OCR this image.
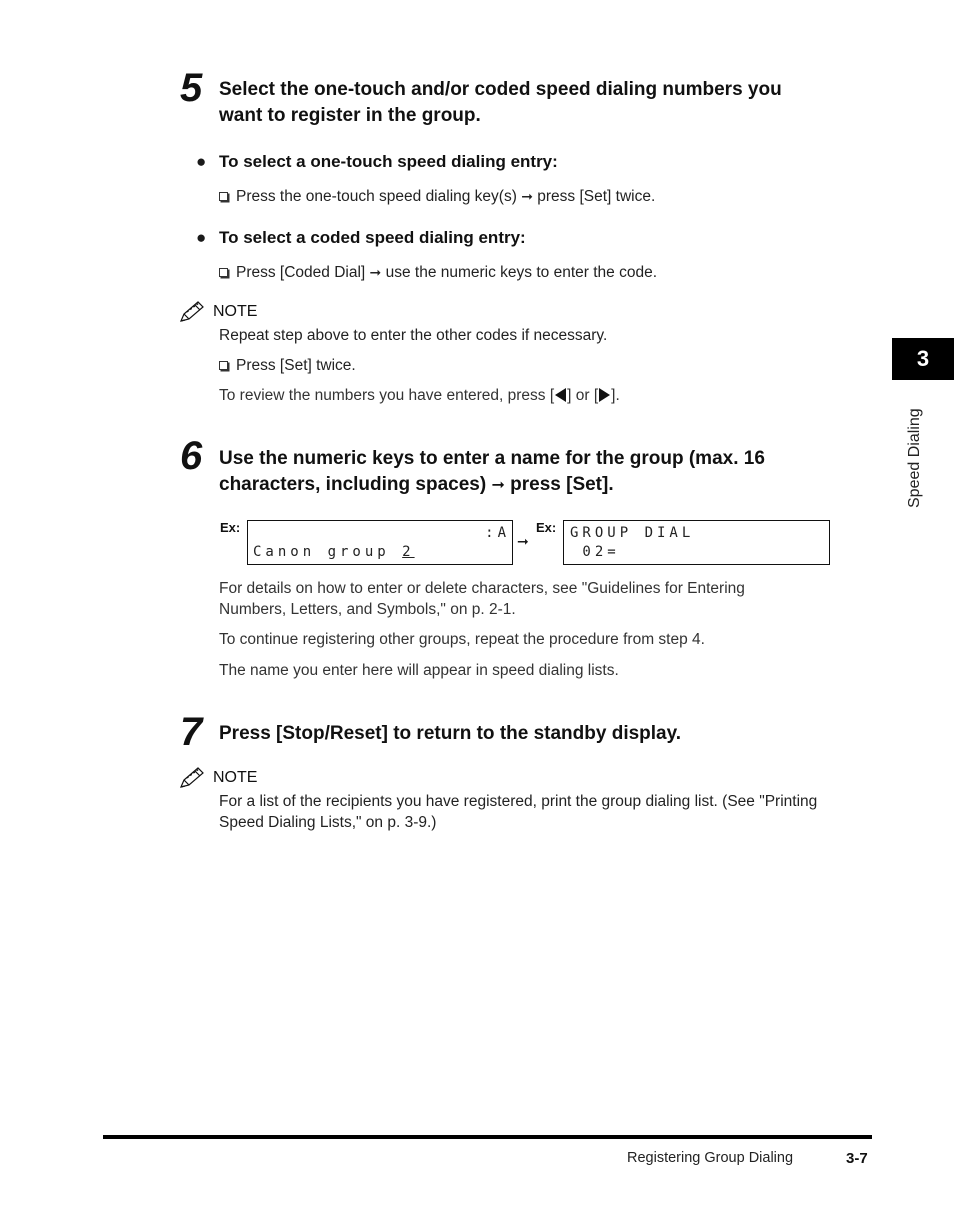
5 Select the one-touch and/or coded speed dialing numbers you
want to register in the group.
● To select a one-touch speed dialing entry:
Press the one-touch speed dialing key(s) ➞ press [Set] twice.
● To select a coded speed dialing entry:
Press [Coded Dial] ➞ use the numeric keys to enter the code.
NOTE
Repeat step above to enter the other codes if necessary.
Press [Set] twice.
To review the numbers you have entered, press [ ] or [ ].
6 Use the numeric keys to enter a name for the group (max. 16
characters, including spaces) ➞ press [Set].
Ex:	:A
Canon group 2
➞
Ex: GROUP DIAL
02=
For details on how to enter or delete characters, see "Guidelines for Entering
Numbers, Letters, and Symbols," on p. 2-1.
To continue registering other groups, repeat the procedure from step 4.
The name you enter here will appear in speed dialing lists.
7 Press [Stop/Reset] to return to the standby display.
NOTE
For a list of the recipients you have registered, print the group dialing list. (See "Printing
Speed Dialing Lists," on p. 3-9.)
3
Speed Dialing
Registering Group Dialing	3-7
